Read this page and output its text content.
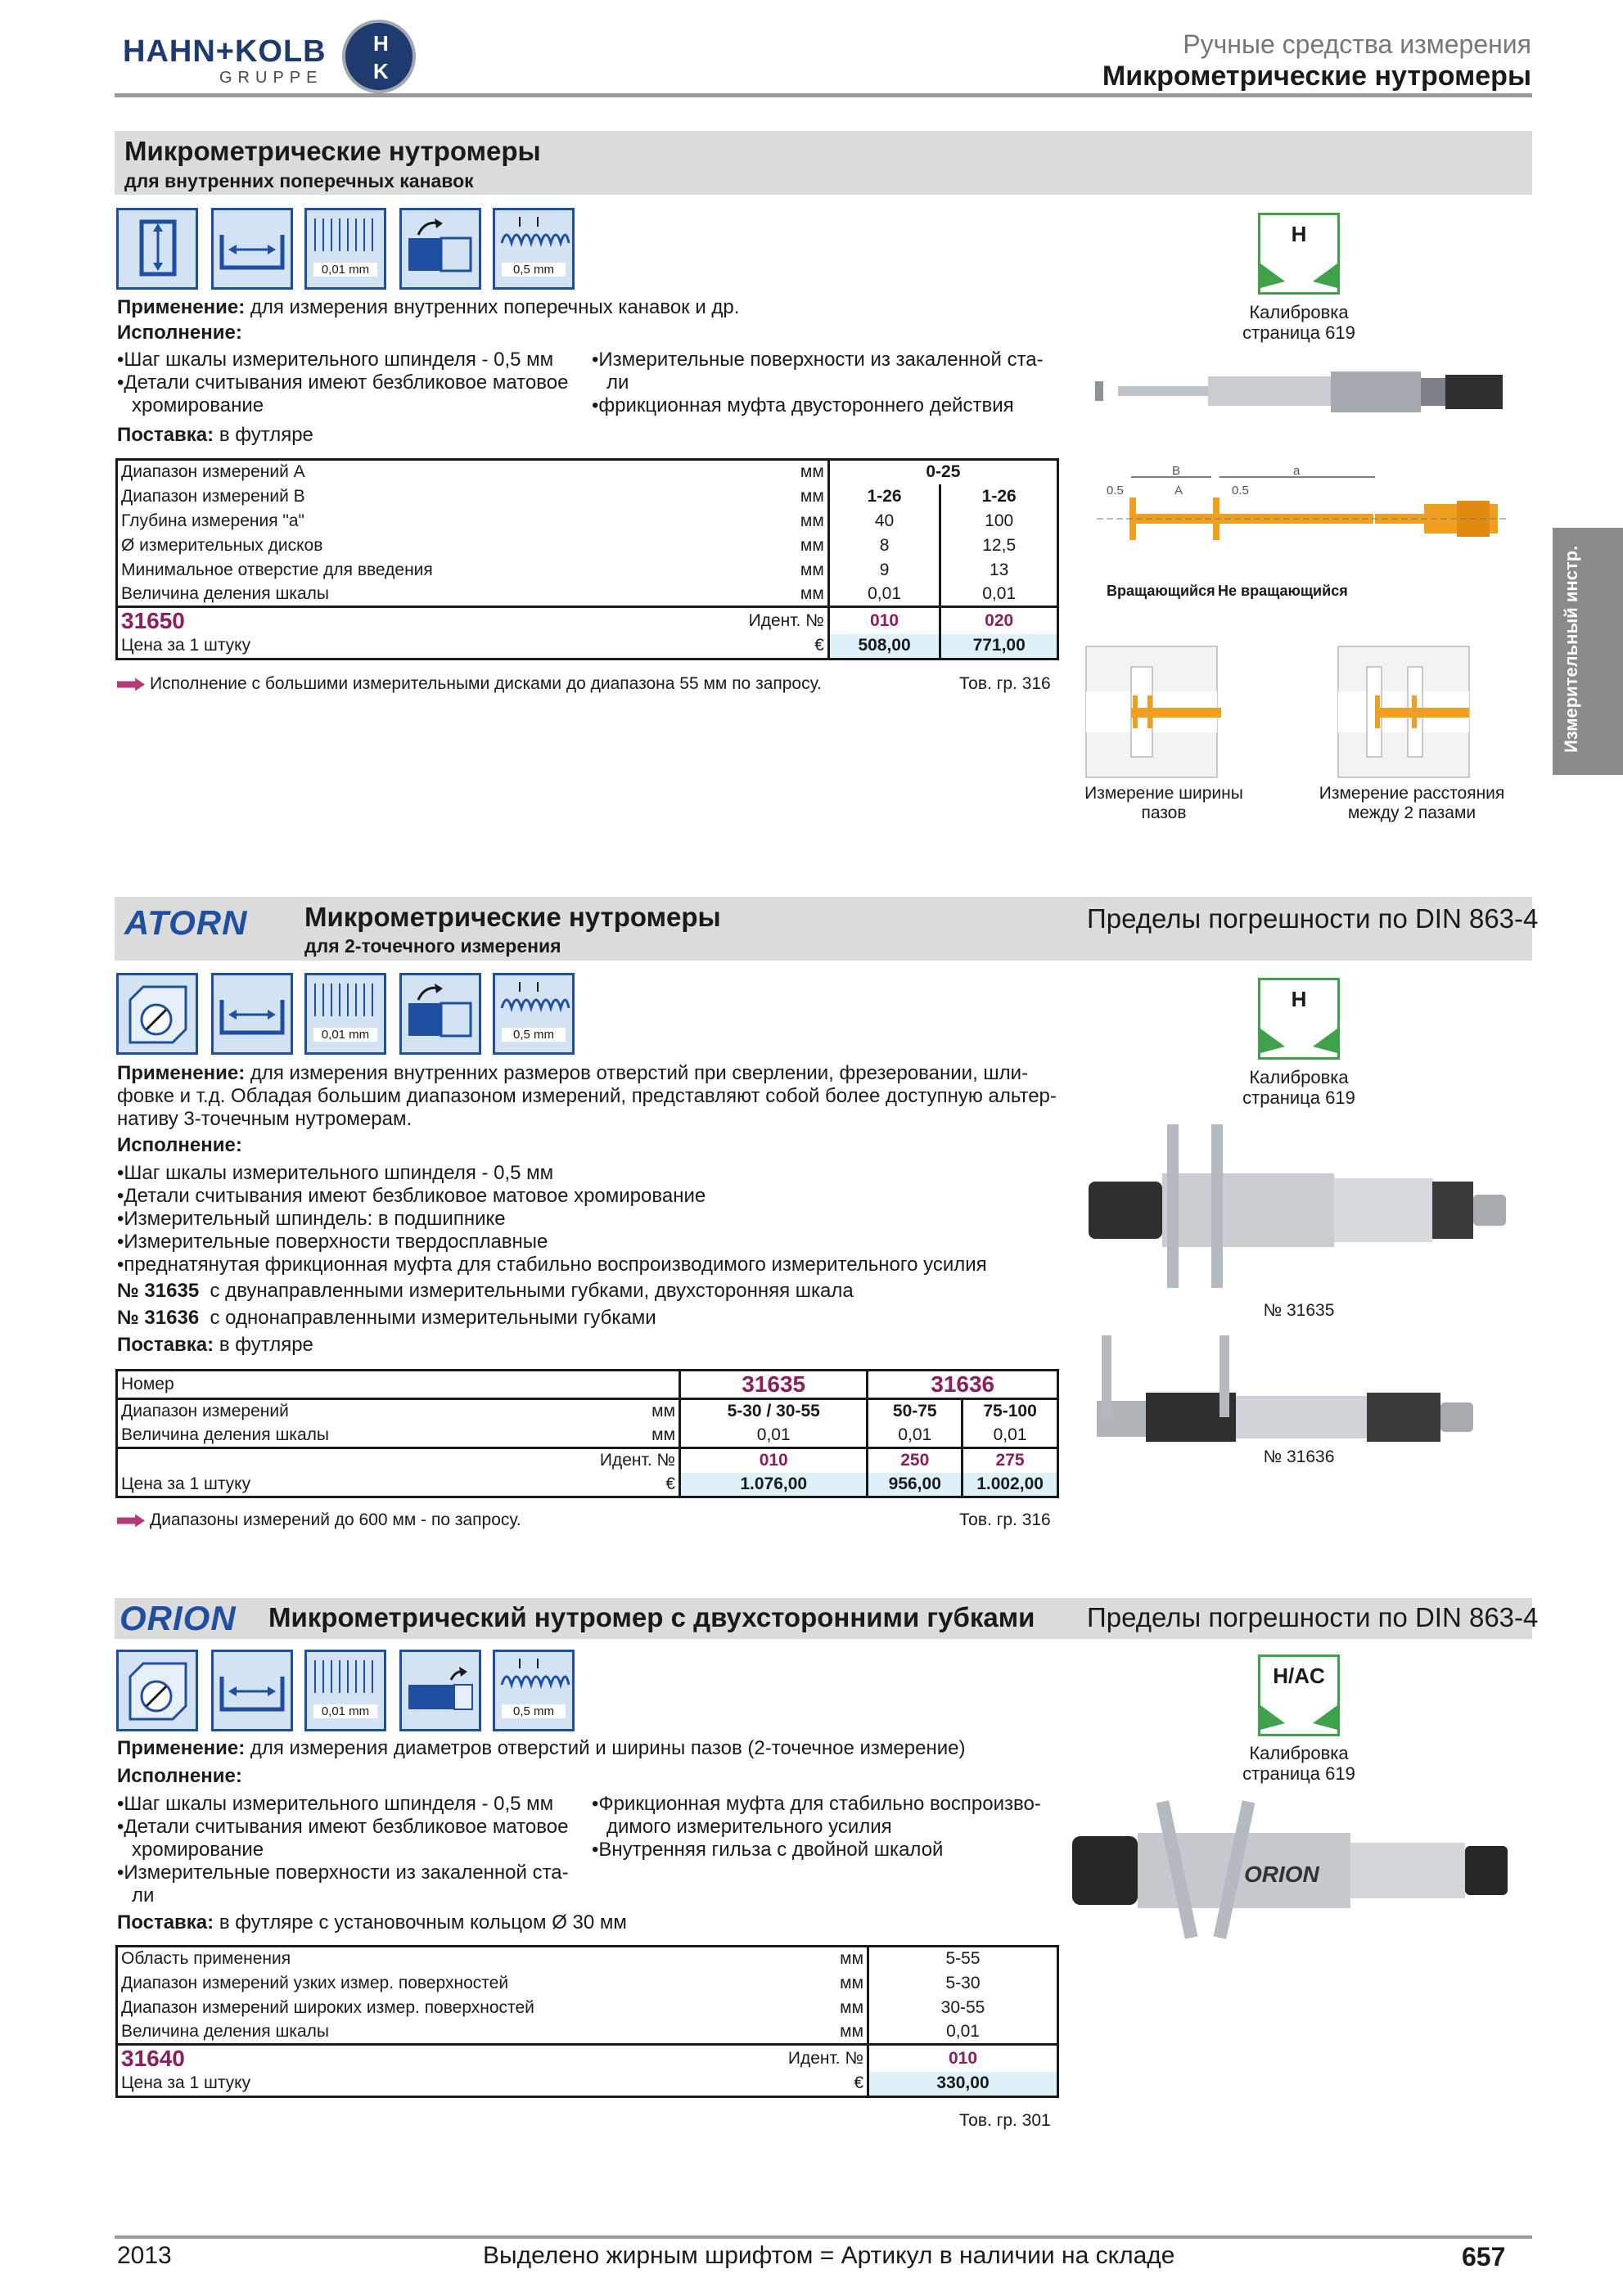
HAHN+KOLB
GRUPPE
H
K
Ручные средства измерения
Микрометрические нутромеры
Измерительный инстр.
Микрометрические нутромеры
для внутренних поперечных канавок
0,01 mm	0,5 mm
Применение: для измерения внутренних поперечных канавок и др.
Исполнение:
•Шаг шкалы измерительного шпинделя - 0,5 мм
•Детали считывания имеют безбликовое матовое
хромирование
•Измерительные поверхности из закаленной ста-
ли
•фрикционная муфта двустороннего действия
Поставка: в футляре
Диапазон измерений A	мм	0-25	
Диапазон измерений B	мм	1-26	1-26
Глубина измерения "а"	мм	40	100
Ø измерительных дисков	мм	8	12,5
Минимальное отверстие для введения	мм	9	13
Величина деления шкалы	мм	0,01	0,01
31650	Идент. №	010	020
Цена за 1 штуку	€	508,00	771,00
Исполнение с большими измерительными дисками до диапазона 55 мм по запросу.	Тов. гр. 316
H
Калибровка страница 619
B
A
a
0.5	0.5
Вращающийся Не вращающийся
Измерение ширины пазов
Измерение расстояния между 2 пазами
ATORN Микрометрические нутромеры
для 2-точечного измерения
Пределы погрешности по DIN 863-4
0,01 mm	0,5 mm
Применение: для измерения внутренних размеров отверстий при сверлении, фрезеровании, шли-
фовке и т.д. Обладая большим диапазоном измерений, представляют собой более доступную альтер-
нативу 3-точечным нутромерам.
Исполнение:
•Шаг шкалы измерительного шпинделя - 0,5 мм
•Детали считывания имеют безбликовое матовое хромирование
•Измерительный шпиндель: в подшипнике
•Измерительные поверхности твердосплавные
•преднатянутая фрикционная муфта для стабильно воспроизводимого измерительного усилия
№ 31635 с двунаправленными измерительными губками, двухсторонняя шкала
№ 31636 с однонаправленными измерительными губками
Поставка: в футляре
Номер		31635	31636	
Диапазон измерений	мм	5-30 / 30-55	50-75	75-100
Величина деления шкалы	мм	0,01	0,01	0,01
	Идент. №	010	250	275
Цена за 1 штуку	€	1.076,00	956,00	1.002,00
Диапазоны измерений до 600 мм - по запросу.	Тов. гр. 316
H
Калибровка страница 619
№ 31635
№ 31636
ORION Микрометрический нутромер с двухсторонними губками Пределы погрешности по DIN 863-4
0,01 mm	0,5 mm
Применение: для измерения диаметров отверстий и ширины пазов (2-точечное измерение)
Исполнение:
•Шаг шкалы измерительного шпинделя - 0,5 мм
•Детали считывания имеют безбликовое матовое
хромирование
•Измерительные поверхности из закаленной ста-
ли
•Фрикционная муфта для стабильно воспроизво-
димого измерительного усилия
•Внутренняя гильза с двойной шкалой
Поставка: в футляре с установочным кольцом Ø 30 мм
Область применения	мм	5-55
Диапазон измерений узких измер. поверхностей	мм	5-30
Диапазон измерений широких измер. поверхностей	мм	30-55
Величина деления шкалы	мм	0,01
31640	Идент. №	010
Цена за 1 штуку	€	330,00
Тов. гр. 301
H/AC
Калибровка страница 619
ORION
2013	Выделено жирным шрифтом = Артикул в наличии на складе	657
